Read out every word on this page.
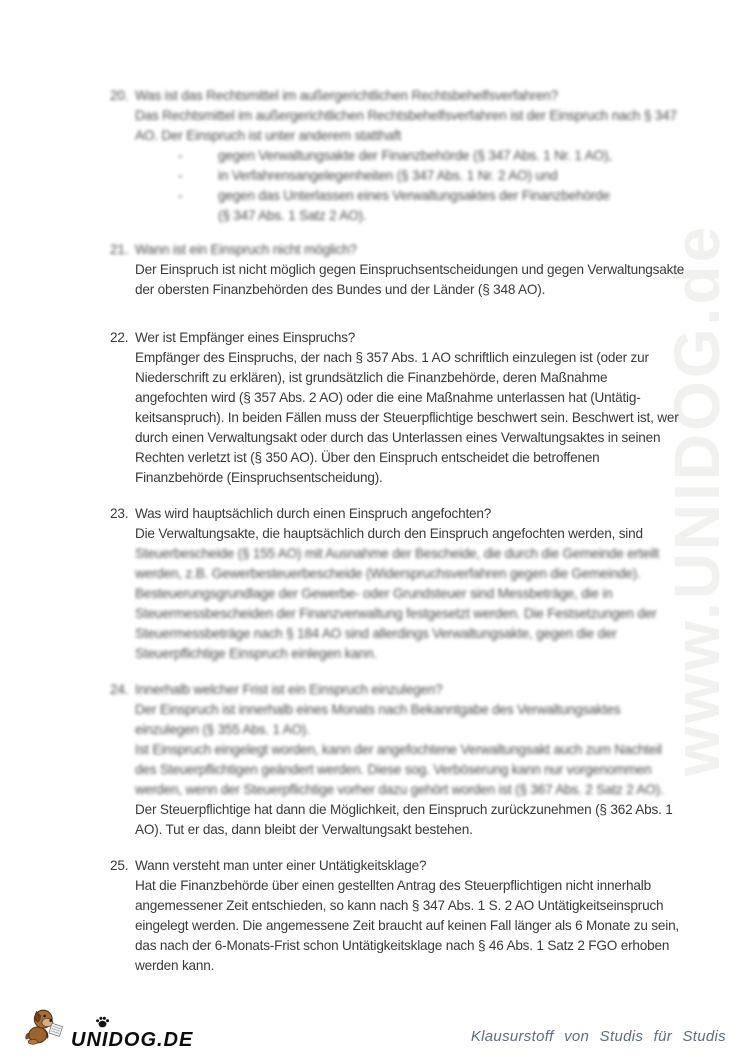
www.UNIDOG.de
20. Was ist das Rechtsmittel im außergerichtlichen Rechtsbehelfsverfahren?
Das Rechtsmittel im außergerichtlichen Rechtsbehelfsverfahren ist der Einspruch nach § 347
AO. Der Einspruch ist unter anderem statthaft
-	gegen Verwaltungsakte der Finanzbehörde (§ 347 Abs. 1 Nr. 1 AO),
-	in Verfahrensangelegenheiten (§ 347 Abs. 1 Nr. 2 AO) und
-	gegen das Unterlassen eines Verwaltungsaktes der Finanzbehörde
(§ 347 Abs. 1 Satz 2 AO).
21. Wann ist ein Einspruch nicht möglich?
Der Einspruch ist nicht möglich gegen Einspruchsentscheidungen und gegen Verwaltungsakte
der obersten Finanzbehörden des Bundes und der Länder (§ 348 AO).
22. Wer ist Empfänger eines Einspruchs?
Empfänger des Einspruchs, der nach § 357 Abs. 1 AO schriftlich einzulegen ist (oder zur
Niederschrift zu erklären), ist grundsätzlich die Finanzbehörde, deren Maßnahme
angefochten wird (§ 357 Abs. 2 AO) oder die eine Maßnahme unterlassen hat (Untätig-
keitsanspruch). In beiden Fällen muss der Steuerpflichtige beschwert sein. Beschwert ist, wer
durch einen Verwaltungsakt oder durch das Unterlassen eines Verwaltungsaktes in seinen
Rechten verletzt ist (§ 350 AO). Über den Einspruch entscheidet die betroffenen
Finanzbehörde (Einspruchsentscheidung).
23. Was wird hauptsächlich durch einen Einspruch angefochten?
Die Verwaltungsakte, die hauptsächlich durch den Einspruch angefochten werden, sind
Steuerbescheide (§ 155 AO) mit Ausnahme der Bescheide, die durch die Gemeinde erteilt
werden, z.B. Gewerbesteuerbescheide (Widerspruchsverfahren gegen die Gemeinde).
Besteuerungsgrundlage der Gewerbe- oder Grundsteuer sind Messbeträge, die in
Steuermessbescheiden der Finanzverwaltung festgesetzt werden. Die Festsetzungen der
Steuermessbeträge nach § 184 AO sind allerdings Verwaltungsakte, gegen die der
Steuerpflichtige Einspruch einlegen kann.
24. Innerhalb welcher Frist ist ein Einspruch einzulegen?
Der Einspruch ist innerhalb eines Monats nach Bekanntgabe des Verwaltungsaktes
einzulegen (§ 355 Abs. 1 AO).
Ist Einspruch eingelegt worden, kann der angefochtene Verwaltungsakt auch zum Nachteil
des Steuerpflichtigen geändert werden. Diese sog. Verböserung kann nur vorgenommen
werden, wenn der Steuerpflichtige vorher dazu gehört worden ist (§ 367 Abs. 2 Satz 2 AO).
Der Steuerpflichtige hat dann die Möglichkeit, den Einspruch zurückzunehmen (§ 362 Abs. 1
AO). Tut er das, dann bleibt der Verwaltungsakt bestehen.
25. Wann versteht man unter einer Untätigkeitsklage?
Hat die Finanzbehörde über einen gestellten Antrag des Steuerpflichtigen nicht innerhalb
angemessener Zeit entschieden, so kann nach § 347 Abs. 1 S. 2 AO Untätigkeitseinspruch
eingelegt werden. Die angemessene Zeit braucht auf keinen Fall länger als 6 Monate zu sein,
das nach der 6-Monats-Frist schon Untätigkeitsklage nach § 46 Abs. 1 Satz 2 FGO erhoben
werden kann.
UNIDOG.DE	Klausurstoff von Studis für Studis
